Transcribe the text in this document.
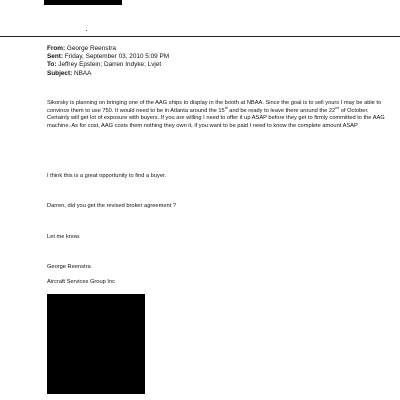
From: George Reenstra
Sent: Friday, September 03, 2010 5:09 PM
To: Jeffrey Epstein; Darren Indyke; Lvjet
Subject: NBAA

Sikorsky is planning on bringing one of the AAG ships to display in the booth at NBAA. Since the goal is to sell yours I may be able to convince them to use 750. It would need to be in Atlanta around the 15th and be ready to leave there around the 22nd of October. Certainly will get lot of exposure with buyers. If you are willing I need to offer it up ASAP before they get to firmly committed to the AAG machine. As for cost, AAG costs them nothing they own it, if you want to be paid I need to know the complete amount ASAP

I think this is a great opportunity to find a buyer.

Darren, did you get the revised broker agreement ?

Let me know.

George Reenstra

Aircraft Services Group Inc
